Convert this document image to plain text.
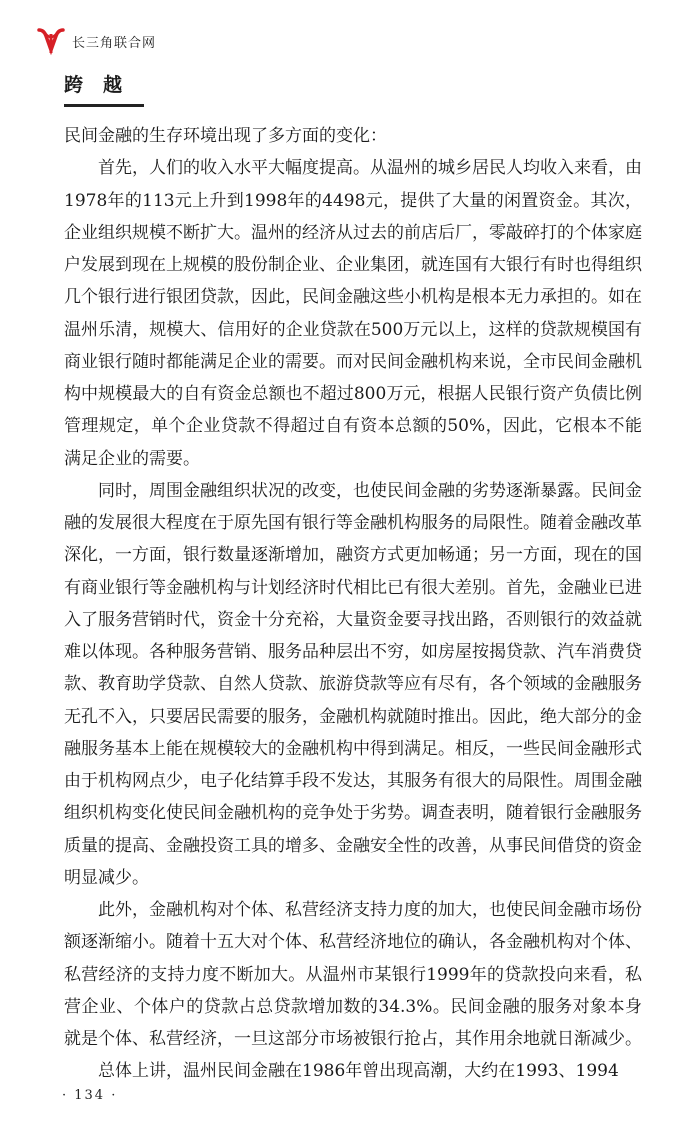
长三角联合网
跨越

民间金融的生存环境出现了多方面的变化：

首先，人们的收入水平大幅度提高。从温州的城乡居民人均收入来看，由1978年的113元上升到1998年的4498元，提供了大量的闲置资金。其次，企业组织规模不断扩大。温州的经济从过去的前店后厂，零敲碎打的个体家庭户发展到现在上规模的股份制企业、企业集团，就连国有大银行有时也得组织几个银行进行银团贷款，因此，民间金融这些小机构是根本无力承担的。如在温州乐清，规模大、信用好的企业贷款在500万元以上，这样的贷款规模国有商业银行随时都能满足企业的需要。而对民间金融机构来说，全市民间金融机构中规模最大的自有资金总额也不超过800万元，根据人民银行资产负债比例管理规定，单个企业贷款不得超过自有资本总额的50%，因此，它根本不能满足企业的需要。

同时，周围金融组织状况的改变，也使民间金融的劣势逐渐暴露。民间金融的发展很大程度在于原先国有银行等金融机构服务的局限性。随着金融改革深化，一方面，银行数量逐渐增加，融资方式更加畅通；另一方面，现在的国有商业银行等金融机构与计划经济时代相比已有很大差别。首先，金融业已进入了服务营销时代，资金十分充裕，大量资金要寻找出路，否则银行的效益就难以体现。各种服务营销、服务品种层出不穷，如房屋按揭贷款、汽车消费贷款、教育助学贷款、自然人贷款、旅游贷款等应有尽有，各个领域的金融服务无孔不入，只要居民需要的服务，金融机构就随时推出。因此，绝大部分的金融服务基本上能在规模较大的金融机构中得到满足。相反，一些民间金融形式由于机构网点少，电子化结算手段不发达，其服务有很大的局限性。周围金融组织机构变化使民间金融机构的竞争处于劣势。调查表明，随着银行金融服务质量的提高、金融投资工具的增多、金融安全性的改善，从事民间借贷的资金明显减少。

此外，金融机构对个体、私营经济支持力度的加大，也使民间金融市场份额逐渐缩小。随着十五大对个体、私营经济地位的确认，各金融机构对个体、私营经济的支持力度不断加大。从温州市某银行1999年的贷款投向来看，私营企业、个体户的贷款占总贷款增加数的34.3%。民间金融的服务对象本身就是个体、私营经济，一旦这部分市场被银行抢占，其作用余地就日渐减少。

总体上讲，温州民间金融在1986年曾出现高潮，大约在1993、1994

· 134 ·
